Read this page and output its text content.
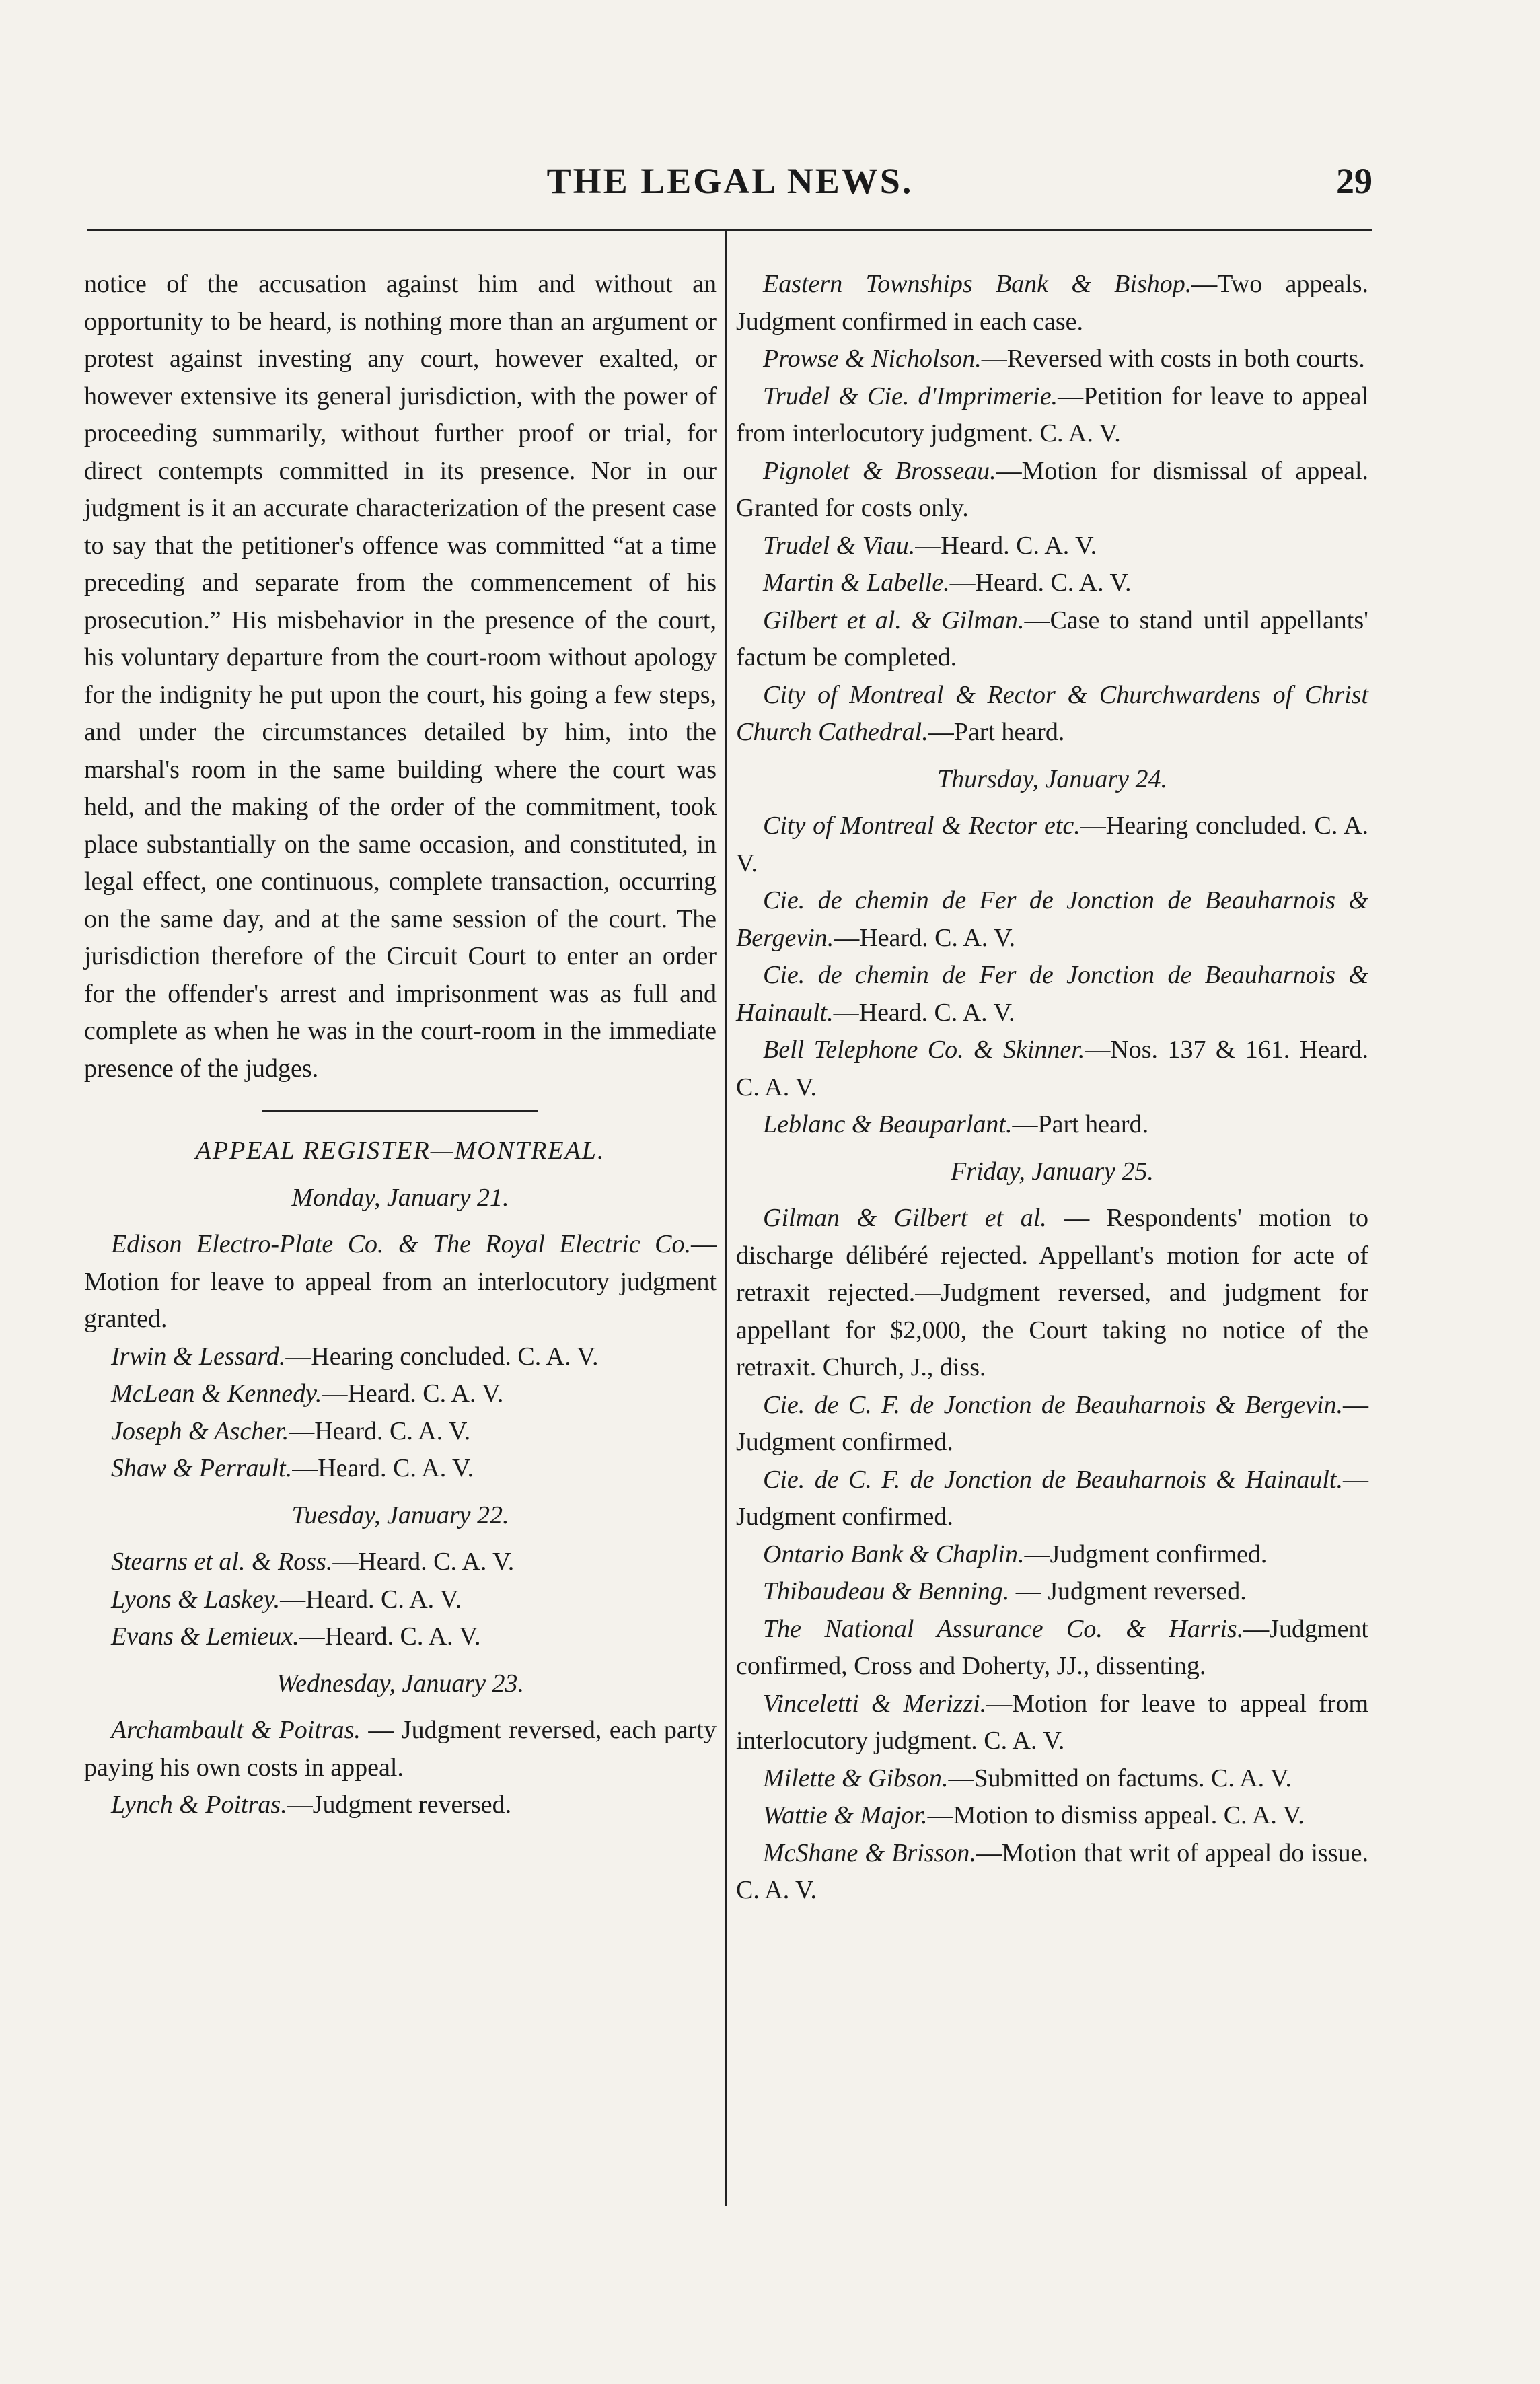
THE LEGAL NEWS.	29

notice of the accusation against him and without an opportunity to be heard, is nothing more than an argument or protest against investing any court, however exalted, or however extensive its general jurisdiction, with the power of proceeding summarily, without further proof or trial, for direct contempts committed in its presence. Nor in our judgment is it an accurate characterization of the present case to say that the petitioner's offence was committed “at a time preceding and separate from the commencement of his prosecution.” His misbehavior in the presence of the court, his voluntary departure from the court-room without apology for the indignity he put upon the court, his going a few steps, and under the circumstances detailed by him, into the marshal's room in the same building where the court was held, and the making of the order of the commitment, took place substantially on the same occasion, and constituted, in legal effect, one continuous, complete transaction, occurring on the same day, and at the same session of the court. The jurisdiction therefore of the Circuit Court to enter an order for the offender's arrest and imprisonment was as full and complete as when he was in the court-room in the immediate presence of the judges.

APPEAL REGISTER—MONTREAL.

Monday, January 21.

Edison Electro-Plate Co. & The Royal Electric Co.—Motion for leave to appeal from an interlocutory judgment granted.

Irwin & Lessard.—Hearing concluded. C. A. V.

McLean & Kennedy.—Heard. C. A. V.

Joseph & Ascher.—Heard. C. A. V.

Shaw & Perrault.—Heard. C. A. V.

Tuesday, January 22.

Stearns et al. & Ross.—Heard. C. A. V.

Lyons & Laskey.—Heard. C. A. V.

Evans & Lemieux.—Heard. C. A. V.

Wednesday, January 23.

Archambault & Poitras. — Judgment reversed, each party paying his own costs in appeal.

Lynch & Poitras.—Judgment reversed.

Eastern Townships Bank & Bishop.—Two appeals. Judgment confirmed in each case.

Prowse & Nicholson.—Reversed with costs in both courts.

Trudel & Cie. d'Imprimerie.—Petition for leave to appeal from interlocutory judgment. C. A. V.

Pignolet & Brosseau.—Motion for dismissal of appeal. Granted for costs only.

Trudel & Viau.—Heard. C. A. V.

Martin & Labelle.—Heard. C. A. V.

Gilbert et al. & Gilman.—Case to stand until appellants' factum be completed.

City of Montreal & Rector & Churchwardens of Christ Church Cathedral.—Part heard.

Thursday, January 24.

City of Montreal & Rector etc.—Hearing concluded. C. A. V.

Cie. de chemin de Fer de Jonction de Beauharnois & Bergevin.—Heard. C. A. V.

Cie. de chemin de Fer de Jonction de Beauharnois & Hainault.—Heard. C. A. V.

Bell Telephone Co. & Skinner.—Nos. 137 & 161. Heard. C. A. V.

Leblanc & Beauparlant.—Part heard.

Friday, January 25.

Gilman & Gilbert et al. — Respondents' motion to discharge délibéré rejected. Appellant's motion for acte of retraxit rejected.—Judgment reversed, and judgment for appellant for $2,000, the Court taking no notice of the retraxit. Church, J., diss.

Cie. de C. F. de Jonction de Beauharnois & Bergevin.—Judgment confirmed.

Cie. de C. F. de Jonction de Beauharnois & Hainault.—Judgment confirmed.

Ontario Bank & Chaplin.—Judgment confirmed.

Thibaudeau & Benning. — Judgment reversed.

The National Assurance Co. & Harris.—Judgment confirmed, Cross and Doherty, JJ., dissenting.

Vinceletti & Merizzi.—Motion for leave to appeal from interlocutory judgment. C. A. V.

Milette & Gibson.—Submitted on factums. C. A. V.

Wattie & Major.—Motion to dismiss appeal. C. A. V.

McShane & Brisson.—Motion that writ of appeal do issue. C. A. V.
